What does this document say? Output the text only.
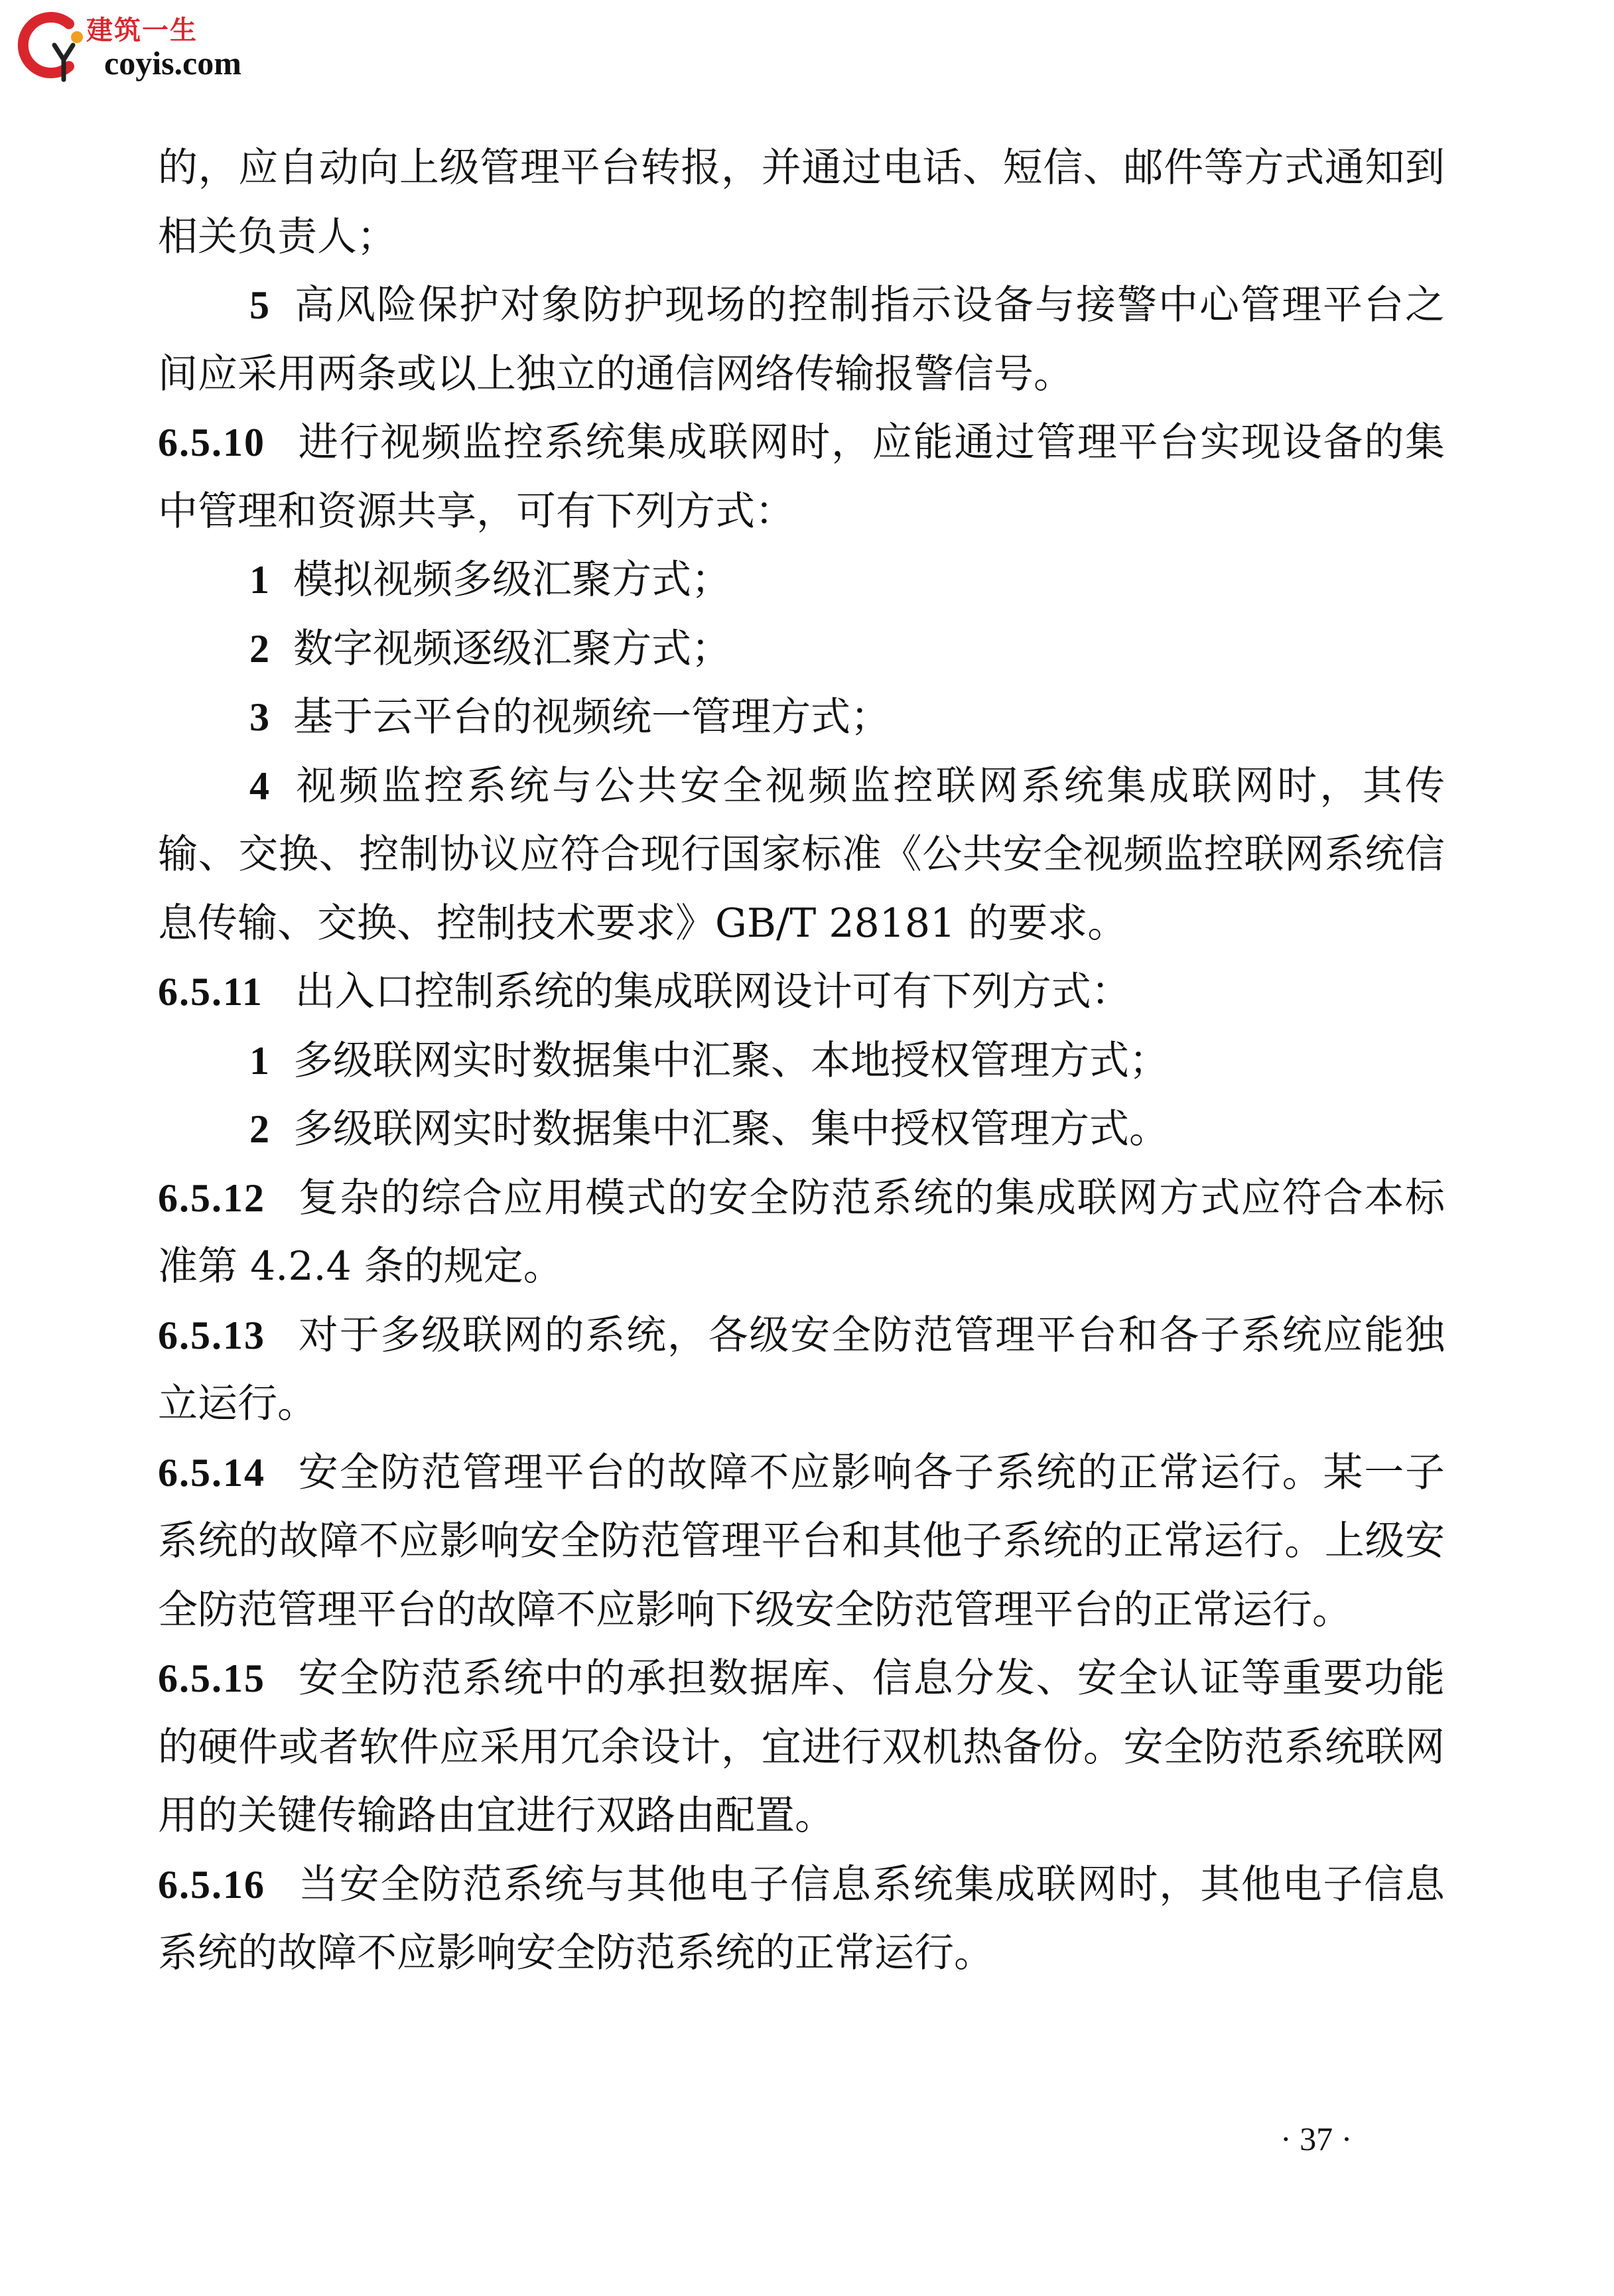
建筑一生
coyis.com

的，应自动向上级管理平台转报，并通过电话、短信、邮件等方式通知到相关负责人；

5 高风险保护对象防护现场的控制指示设备与接警中心管理平台之间应采用两条或以上独立的通信网络传输报警信号。

6.5.10 进行视频监控系统集成联网时，应能通过管理平台实现设备的集中管理和资源共享，可有下列方式：

1 模拟视频多级汇聚方式；

2 数字视频逐级汇聚方式；

3 基于云平台的视频统一管理方式；

4 视频监控系统与公共安全视频监控联网系统集成联网时，其传输、交换、控制协议应符合现行国家标准《公共安全视频监控联网系统信息传输、交换、控制技术要求》GB/T 28181 的要求。

6.5.11 出入口控制系统的集成联网设计可有下列方式：

1 多级联网实时数据集中汇聚、本地授权管理方式；

2 多级联网实时数据集中汇聚、集中授权管理方式。

6.5.12 复杂的综合应用模式的安全防范系统的集成联网方式应符合本标准第 4.2.4 条的规定。

6.5.13 对于多级联网的系统，各级安全防范管理平台和各子系统应能独立运行。

6.5.14 安全防范管理平台的故障不应影响各子系统的正常运行。某一子系统的故障不应影响安全防范管理平台和其他子系统的正常运行。上级安全防范管理平台的故障不应影响下级安全防范管理平台的正常运行。

6.5.15 安全防范系统中的承担数据库、信息分发、安全认证等重要功能的硬件或者软件应采用冗余设计，宜进行双机热备份。安全防范系统联网用的关键传输路由宜进行双路由配置。

6.5.16 当安全防范系统与其他电子信息系统集成联网时，其他电子信息系统的故障不应影响安全防范系统的正常运行。

· 37 ·
